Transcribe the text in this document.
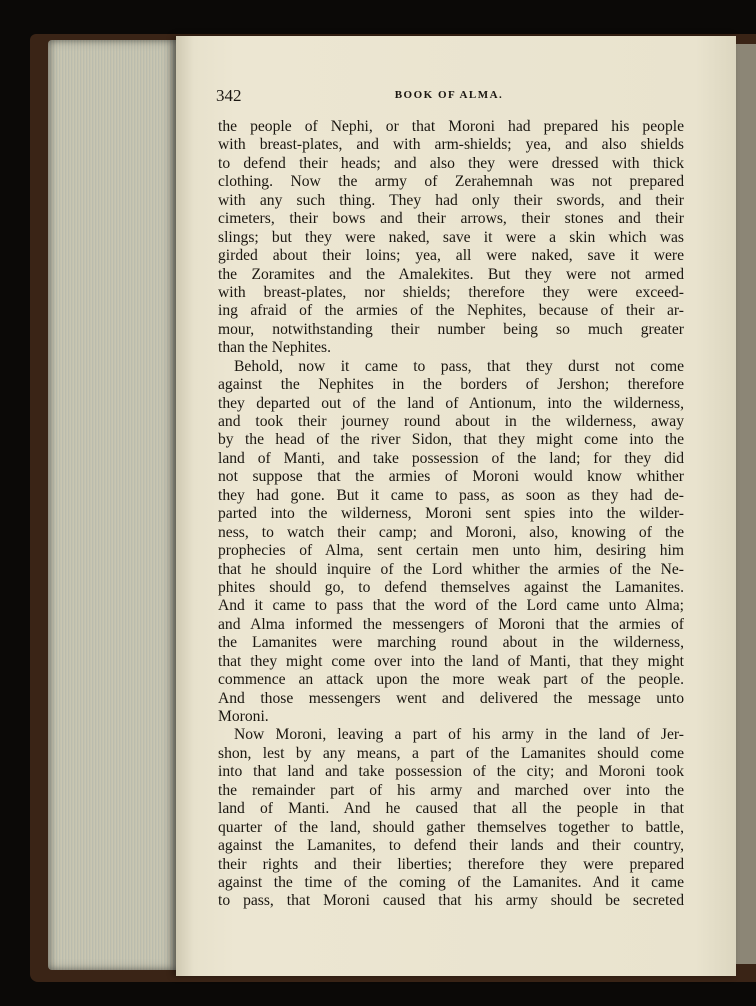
342	BOOK OF ALMA.
the people of Nephi, or that Moroni had prepared his people
with breast-plates, and with arm-shields; yea, and also shields
to defend their heads; and also they were dressed with thick
clothing. Now the army of Zerahemnah was not prepared
with any such thing. They had only their swords, and their
cimeters, their bows and their arrows, their stones and their
slings; but they were naked, save it were a skin which was
girded about their loins; yea, all were naked, save it were
the Zoramites and the Amalekites. But they were not armed
with breast-plates, nor shields; therefore they were exceed-
ing afraid of the armies of the Nephites, because of their ar-
mour, notwithstanding their number being so much greater
than the Nephites.
Behold, now it came to pass, that they durst not come
against the Nephites in the borders of Jershon; therefore
they departed out of the land of Antionum, into the wilderness,
and took their journey round about in the wilderness, away
by the head of the river Sidon, that they might come into the
land of Manti, and take possession of the land; for they did
not suppose that the armies of Moroni would know whither
they had gone. But it came to pass, as soon as they had de-
parted into the wilderness, Moroni sent spies into the wilder-
ness, to watch their camp; and Moroni, also, knowing of the
prophecies of Alma, sent certain men unto him, desiring him
that he should inquire of the Lord whither the armies of the Ne-
phites should go, to defend themselves against the Lamanites.
And it came to pass that the word of the Lord came unto Alma;
and Alma informed the messengers of Moroni that the armies of
the Lamanites were marching round about in the wilderness,
that they might come over into the land of Manti, that they might
commence an attack upon the more weak part of the people.
And those messengers went and delivered the message unto
Moroni.
Now Moroni, leaving a part of his army in the land of Jer-
shon, lest by any means, a part of the Lamanites should come
into that land and take possession of the city; and Moroni took
the remainder part of his army and marched over into the
land of Manti. And he caused that all the people in that
quarter of the land, should gather themselves together to battle,
against the Lamanites, to defend their lands and their country,
their rights and their liberties; therefore they were prepared
against the time of the coming of the Lamanites. And it came
to pass, that Moroni caused that his army should be secreted
